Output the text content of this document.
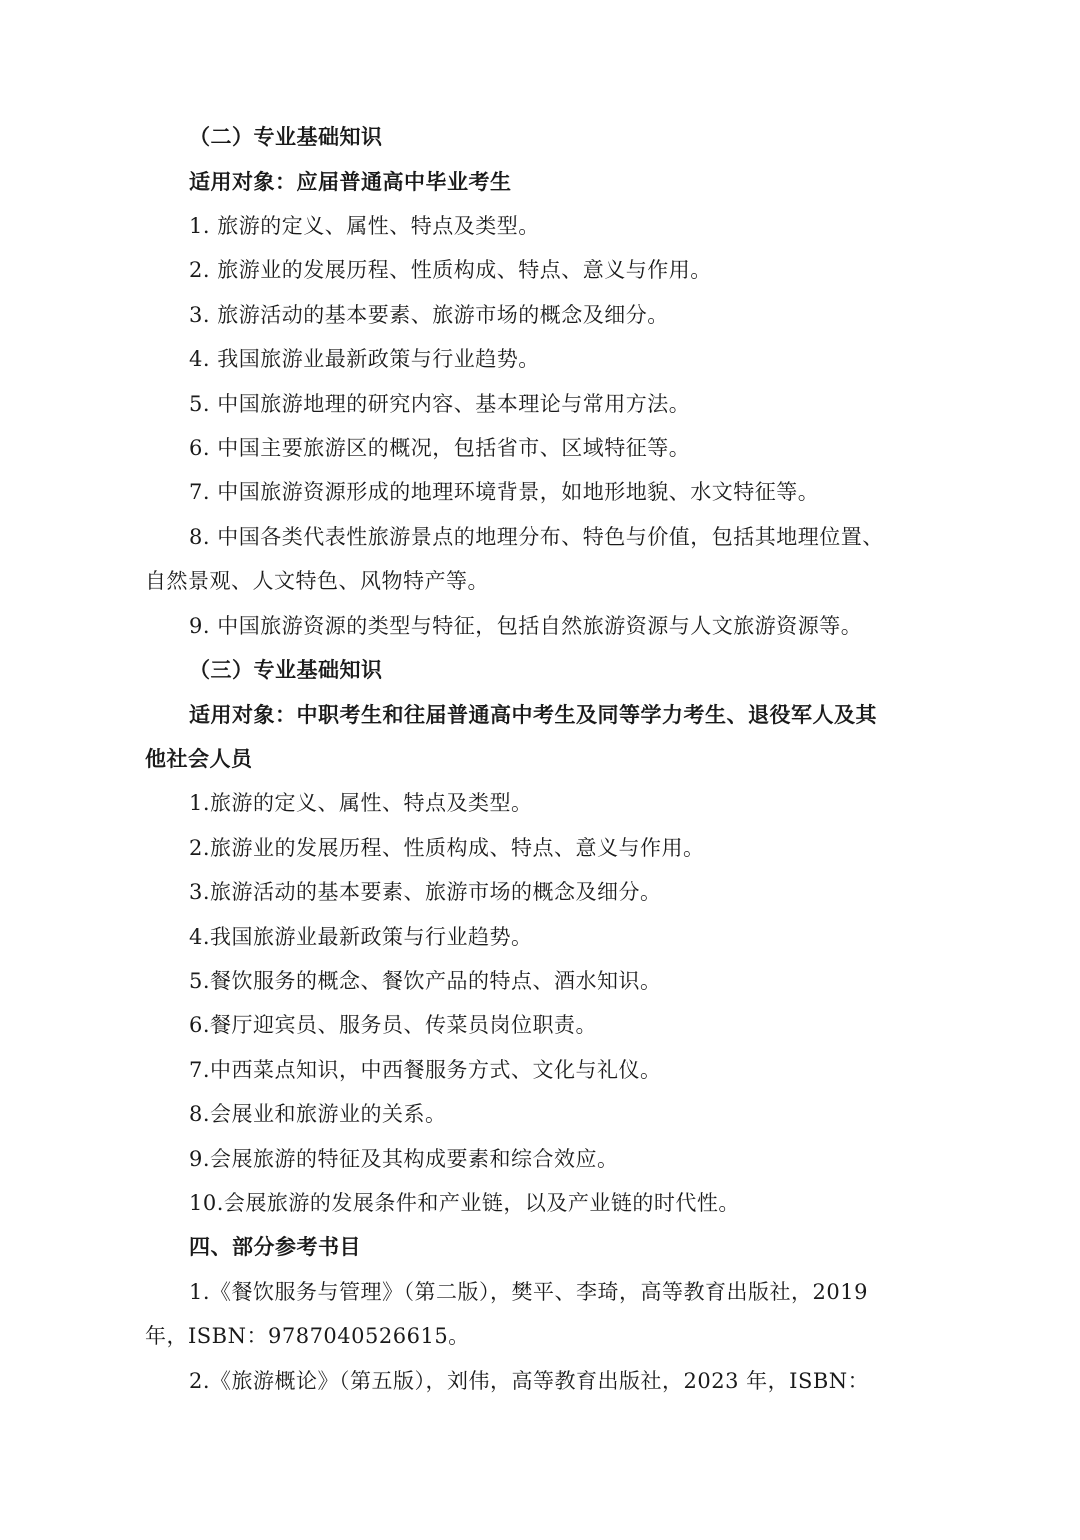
（二）专业基础知识
适用对象：应届普通高中毕业考生
1. 旅游的定义、属性、特点及类型。
2. 旅游业的发展历程、性质构成、特点、意义与作用。
3. 旅游活动的基本要素、旅游市场的概念及细分。
4. 我国旅游业最新政策与行业趋势。
5. 中国旅游地理的研究内容、基本理论与常用方法。
6. 中国主要旅游区的概况，包括省市、区域特征等。
7. 中国旅游资源形成的地理环境背景，如地形地貌、水文特征等。
8. 中国各类代表性旅游景点的地理分布、特色与价值，包括其地理位置、
自然景观、人文特色、风物特产等。
9. 中国旅游资源的类型与特征，包括自然旅游资源与人文旅游资源等。
（三）专业基础知识
适用对象：中职考生和往届普通高中考生及同等学力考生、退役军人及其
他社会人员
1.旅游的定义、属性、特点及类型。
2.旅游业的发展历程、性质构成、特点、意义与作用。
3.旅游活动的基本要素、旅游市场的概念及细分。
4.我国旅游业最新政策与行业趋势。
5.餐饮服务的概念、餐饮产品的特点、酒水知识。
6.餐厅迎宾员、服务员、传菜员岗位职责。
7.中西菜点知识，中西餐服务方式、文化与礼仪。
8.会展业和旅游业的关系。
9.会展旅游的特征及其构成要素和综合效应。
10.会展旅游的发展条件和产业链，以及产业链的时代性。
四、部分参考书目
1.《餐饮服务与管理》（第二版），樊平、李琦，高等教育出版社，2019
年，ISBN：9787040526615。
2.《旅游概论》（第五版），刘伟，高等教育出版社，2023 年，ISBN：
